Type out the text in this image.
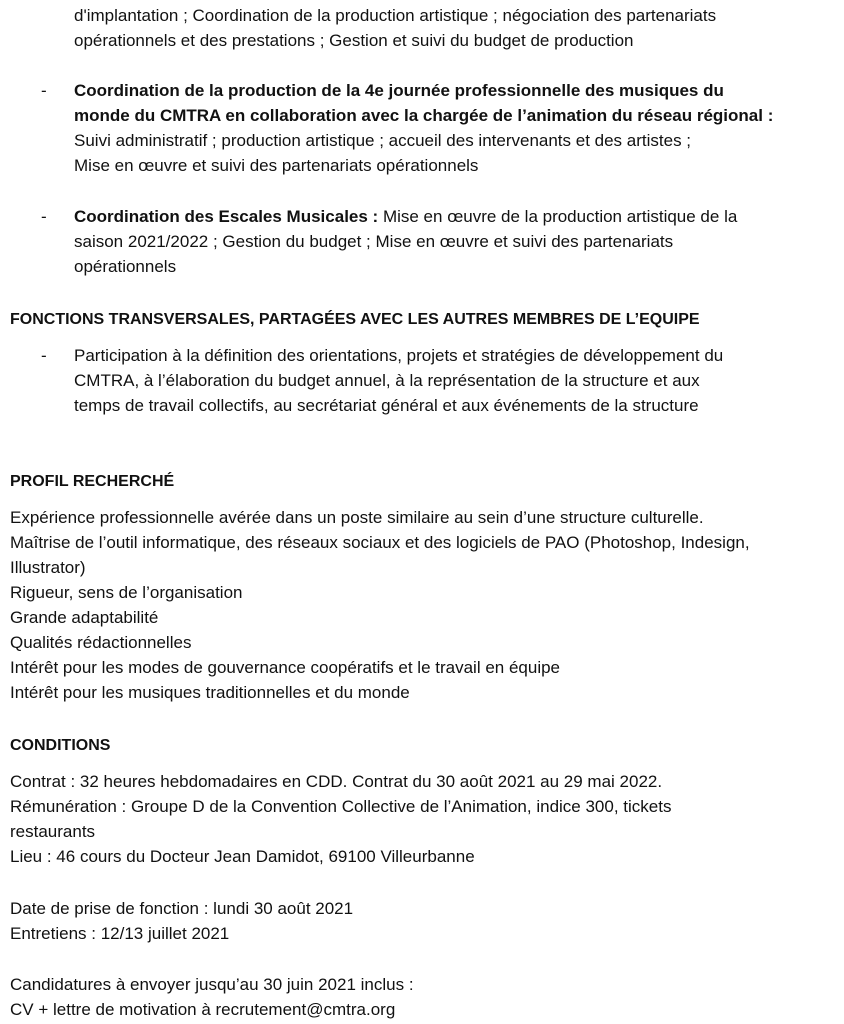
d'implantation ; Coordination de la production artistique ; négociation des partenariats
opérationnels et des prestations ; Gestion et suivi du budget de production
- Coordination de la production de la 4e journée professionnelle des musiques du
monde du CMTRA en collaboration avec la chargée de l’animation du réseau régional :
Suivi administratif ; production artistique ; accueil des intervenants et des artistes ;
Mise en œuvre et suivi des partenariats opérationnels
- Coordination des Escales Musicales : Mise en œuvre de la production artistique de la
saison 2021/2022 ; Gestion du budget ; Mise en œuvre et suivi des partenariats
opérationnels
FONCTIONS TRANSVERSALES, PARTAGÉES AVEC LES AUTRES MEMBRES DE L’EQUIPE
- Participation à la définition des orientations, projets et stratégies de développement du
CMTRA, à l’élaboration du budget annuel, à la représentation de la structure et aux
temps de travail collectifs, au secrétariat général et aux événements de la structure
PROFIL RECHERCHÉ
Expérience professionnelle avérée dans un poste similaire au sein d’une structure culturelle.
Maîtrise de l’outil informatique, des réseaux sociaux et des logiciels de PAO (Photoshop, Indesign,
Illustrator)
Rigueur, sens de l’organisation
Grande adaptabilité
Qualités rédactionnelles
Intérêt pour les modes de gouvernance coopératifs et le travail en équipe
Intérêt pour les musiques traditionnelles et du monde
CONDITIONS
Contrat : 32 heures hebdomadaires en CDD. Contrat du 30 août 2021 au 29 mai 2022.
Rémunération : Groupe D de la Convention Collective de l’Animation, indice 300, tickets
restaurants
Lieu : 46 cours du Docteur Jean Damidot, 69100 Villeurbanne
Date de prise de fonction : lundi 30 août 2021
Entretiens : 12/13 juillet 2021
Candidatures à envoyer jusqu’au 30 juin 2021 inclus :
CV + lettre de motivation à recrutement@cmtra.org
